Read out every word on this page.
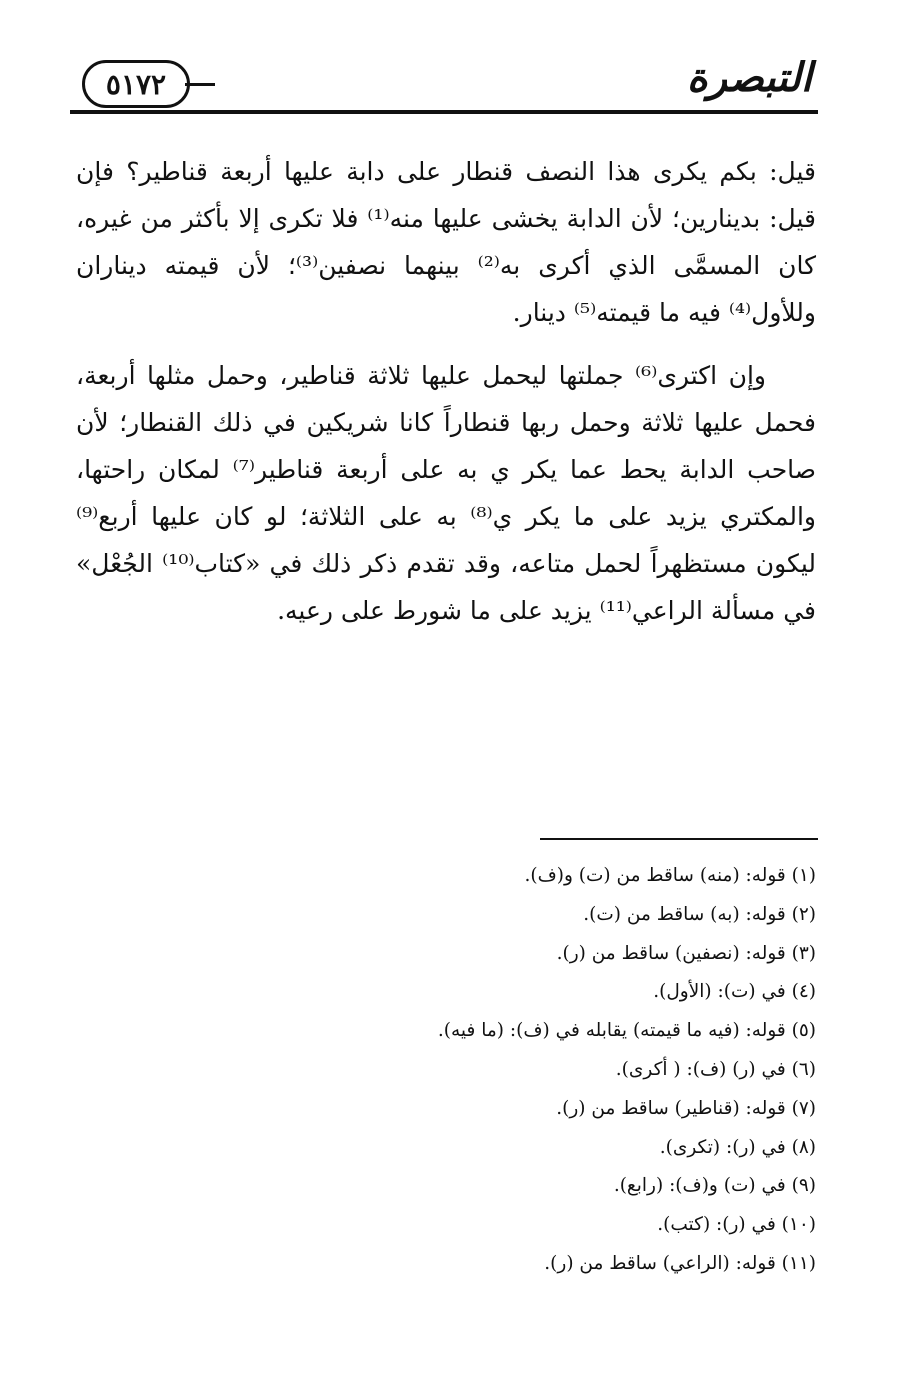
٥١٧٢	التبصرة

قيل: بكم يكرى هذا النصف قنطار على دابة عليها أربعة قناطير؟ فإن قيل: بدينارين؛ لأن الدابة يخشى عليها منه⁽¹⁾ فلا تكرى إلا بأكثر من غيره، كان المسمَّى الذي أكرى به⁽²⁾ بينهما نصفين⁽³⁾؛ لأن قيمته ديناران وللأول⁽⁴⁾ فيه ما قيمته⁽⁵⁾ دينار.

وإن اكترى⁽⁶⁾ جملتها ليحمل عليها ثلاثة قناطير، وحمل مثلها أربعة، فحمل عليها ثلاثة وحمل ربها قنطاراً كانا شريكين في ذلك القنطار؛ لأن صاحب الدابة يحط عما يكر ي به على أربعة قناطير⁽⁷⁾ لمكان راحتها، والمكتري يزيد على ما يكر ي⁽⁸⁾ به على الثلاثة؛ لو كان عليها أربع⁽⁹⁾ ليكون مستظهراً لحمل متاعه، وقد تقدم ذكر ذلك في «كتاب⁽¹⁰⁾ الجُعْل» في مسألة الراعي⁽¹¹⁾ يزيد على ما شورط على رعيه.

(١) قوله: (منه) ساقط من (ت) و(ف).
(٢) قوله: (به) ساقط من (ت).
(٣) قوله: (نصفين) ساقط من (ر).
(٤) في (ت): (الأول).
(٥) قوله: (فيه ما قيمته) يقابله في (ف): (ما فيه).
(٦) في (ر) (ف): ( أكرى).
(٧) قوله: (قناطير) ساقط من (ر).
(٨) في (ر): (تكرى).
(٩) في (ت) و(ف): (رابع).
(١٠) في (ر): (كتب).
(١١) قوله: (الراعي) ساقط من (ر).
